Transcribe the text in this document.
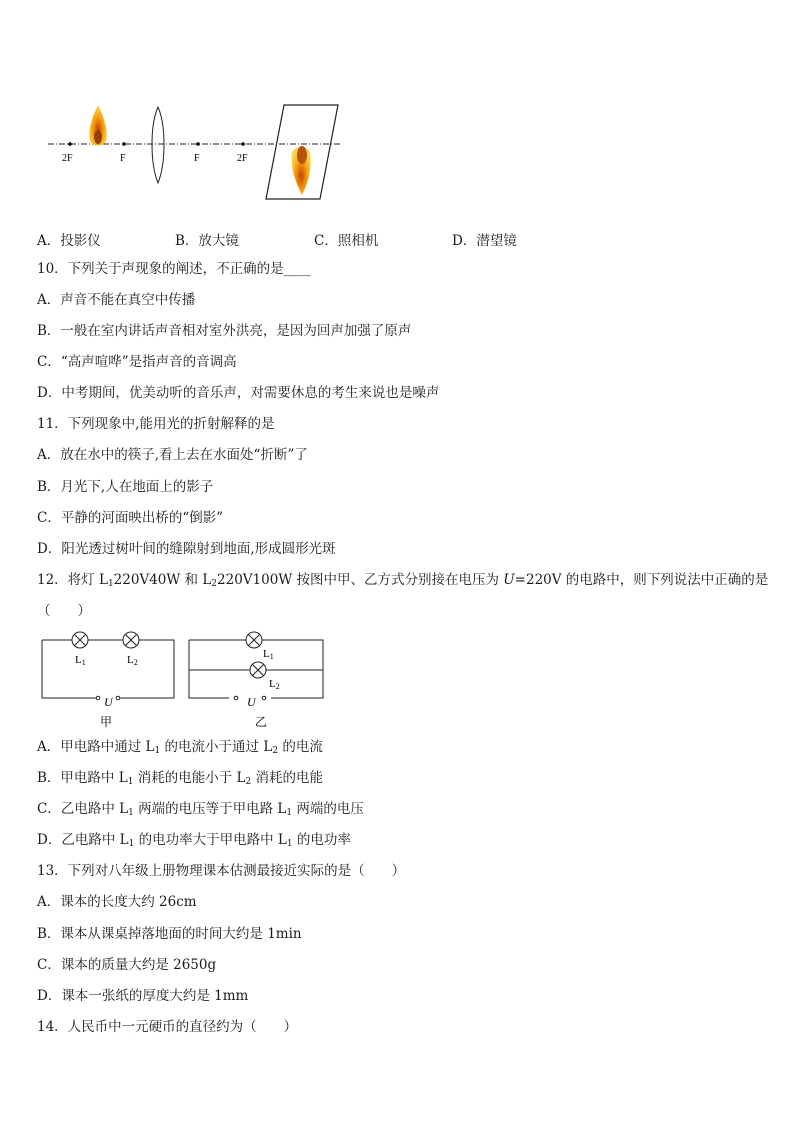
2F	F	F	2F
A．投影仪	B．放大镜	C．照相机	D．潜望镜
10．下列关于声现象的阐述，不正确的是____
A．声音不能在真空中传播
B．一般在室内讲话声音相对室外洪亮，是因为回声加强了原声
C．“高声喧哗”是指声音的音调高
D．中考期间，优美动听的音乐声，对需要休息的考生来说也是噪声
11．下列现象中,能用光的折射解释的是
A．放在水中的筷子,看上去在水面处“折断”了
B．月光下,人在地面上的影子
C．平静的河面映出桥的“倒影”
D．阳光透过树叶间的缝隙射到地面,形成圆形光斑
12．将灯 $L_1220V40W$ 和 $L_2220V100W$ 按图中甲、乙方式分别接在电压为 U=220V 的电路中，则下列说法中正确的是
（　　）
L1	L2
U
甲
L1
L2
U
乙
A．甲电路中通过 $L_1$ 的电流小于通过 $L_2$ 的电流
B．甲电路中 $L_1$ 消耗的电能小于 $L_2$ 消耗的电能
C．乙电路中 $L_1$ 两端的电压等于甲电路 $L_1$ 两端的电压
D．乙电路中 $L_1$ 的电功率大于甲电路中 $L_1$ 的电功率
13．下列对八年级上册物理课本估测最接近实际的是（　　）
A．课本的长度大约 26cm
B．课本从课桌掉落地面的时间大约是 1min
C．课本的质量大约是 2650g
D．课本一张纸的厚度大约是 1mm
14．人民币中一元硬币的直径约为（　　）
